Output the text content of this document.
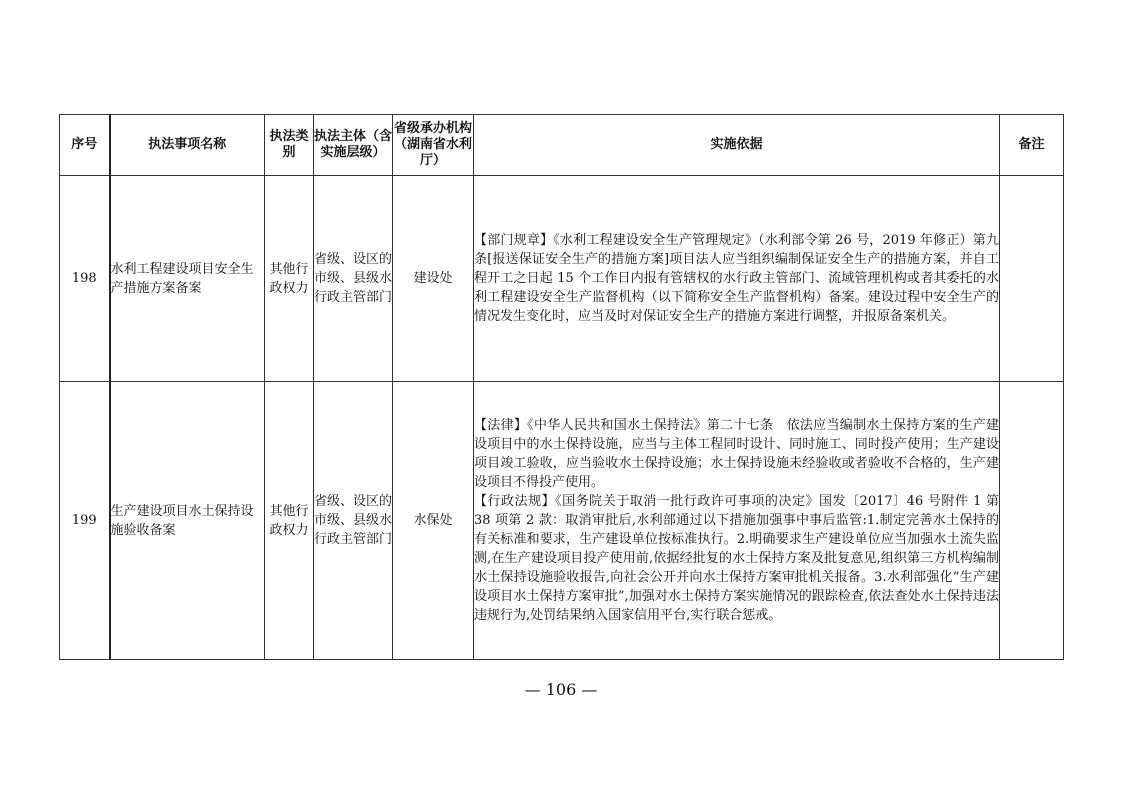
序号	执法事项名称	执法类别	执法主体（含实施层级）	省级承办机构（湖南省水利厅）	实施依据	备注
198	水利工程建设项目安全生产措施方案备案	其他行政权力	省级、设区的市级、县级水行政主管部门	建设处	【部门规章】《水利工程建设安全生产管理规定》（水利部令第 26 号，2019 年修正）第九条[报送保证安全生产的措施方案]项目法人应当组织编制保证安全生产的措施方案，并自工程开工之日起 15 个工作日内报有管辖权的水行政主管部门、流域管理机构或者其委托的水利工程建设安全生产监督机构（以下简称安全生产监督机构）备案。建设过程中安全生产的情况发生变化时，应当及时对保证安全生产的措施方案进行调整，并报原备案机关。	

199	生产建设项目水土保持设施验收备案	其他行政权力	省级、设区的市级、县级水行政主管部门	水保处	【法律】《中华人民共和国水土保持法》第二十七条　依法应当编制水土保持方案的生产建设项目中的水土保持设施，应当与主体工程同时设计、同时施工、同时投产使用；生产建设项目竣工验收，应当验收水土保持设施；水土保持设施未经验收或者验收不合格的，生产建设项目不得投产使用。

【行政法规】《国务院关于取消一批行政许可事项的决定》国发〔2017〕46 号附件 1 第 38 项第 2 款：取消审批后,水利部通过以下措施加强事中事后监管:1.制定完善水土保持的有关标准和要求，生产建设单位按标准执行。2.明确要求生产建设单位应当加强水土流失监测,在生产建设项目投产使用前,依据经批复的水土保持方案及批复意见,组织第三方机构编制水土保持设施验收报告,向社会公开并向水土保持方案审批机关报备。3.水利部强化“生产建设项目水土保持方案审批”,加强对水土保持方案实施情况的跟踪检查,依法查处水土保持违法违规行为,处罚结果纳入国家信用平台,实行联合惩戒。	

— 106 —
